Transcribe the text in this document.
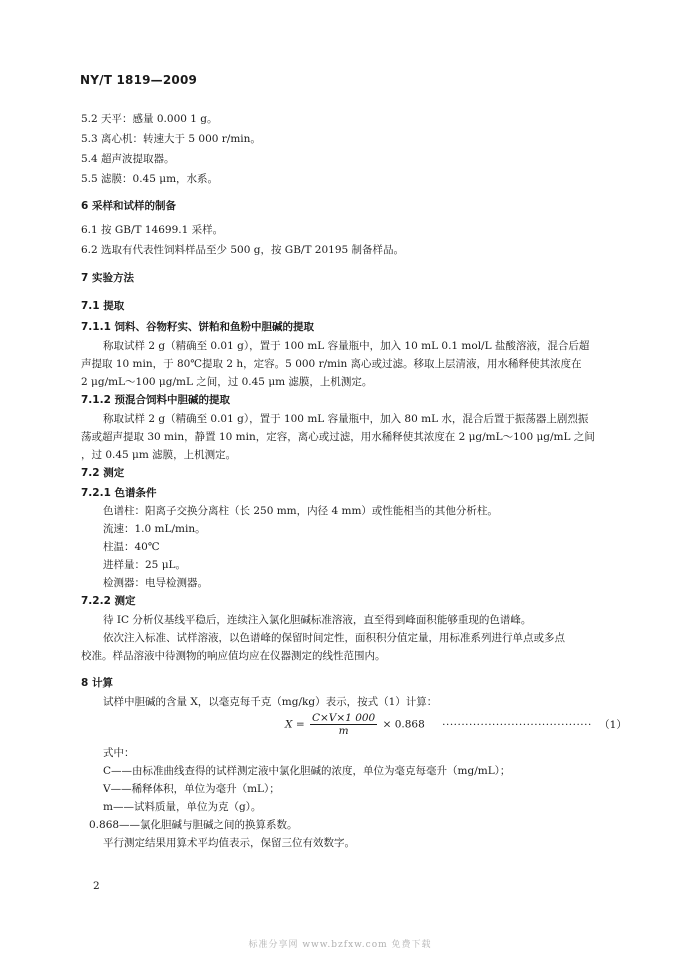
NY/T 1819—2009
5.2 天平：感量 0.000 1 g。
5.3 离心机：转速大于 5 000 r/min。
5.4 超声波提取器。
5.5 滤膜：0.45 μm，水系。
6 采样和试样的制备
6.1 按 GB/T 14699.1 采样。
6.2 选取有代表性饲料样品至少 500 g，按 GB/T 20195 制备样品。
7 实验方法
7.1 提取
7.1.1 饲料、谷物籽实、饼粕和鱼粉中胆碱的提取
称取试样 2 g（精确至 0.01 g），置于 100 mL 容量瓶中，加入 10 mL 0.1 mol/L 盐酸溶液，混合后超
声提取 10 min，于 80℃提取 2 h，定容。5 000 r/min 离心或过滤。移取上层清液，用水稀释使其浓度在
2 μg/mL～100 μg/mL 之间，过 0.45 μm 滤膜，上机测定。
7.1.2 预混合饲料中胆碱的提取
称取试样 2 g（精确至 0.01 g），置于 100 mL 容量瓶中，加入 80 mL 水，混合后置于振荡器上剧烈振
荡或超声提取 30 min，静置 10 min，定容，离心或过滤，用水稀释使其浓度在 2 μg/mL～100 μg/mL 之间
，过 0.45 μm 滤膜，上机测定。
7.2 测定
7.2.1 色谱条件
色谱柱：阳离子交换分离柱（长 250 mm，内径 4 mm）或性能相当的其他分析柱。
流速：1.0 mL/min。
柱温：40℃
进样量：25 μL。
检测器：电导检测器。
7.2.2 测定
待 IC 分析仪基线平稳后，连续注入氯化胆碱标准溶液，直至得到峰面积能够重现的色谱峰。
依次注入标准、试样溶液，以色谱峰的保留时间定性，面积积分值定量，用标准系列进行单点或多点
校准。样品溶液中待测物的响应值均应在仪器测定的线性范围内。
8 计算
试样中胆碱的含量 X，以毫克每千克（mg/kg）表示，按式（1）计算：
$X = \frac{C\times V\times 1 000}{m} \times 0.868$ ······································· （1）
式中：
C——由标准曲线查得的试样测定液中氯化胆碱的浓度，单位为毫克每毫升（mg/mL）；
V——稀释体积，单位为毫升（mL）；
m——试料质量，单位为克（g）。
0.868——氯化胆碱与胆碱之间的换算系数。
平行测定结果用算术平均值表示，保留三位有效数字。
2
标准分享网 www.bzfxw.com 免费下载
